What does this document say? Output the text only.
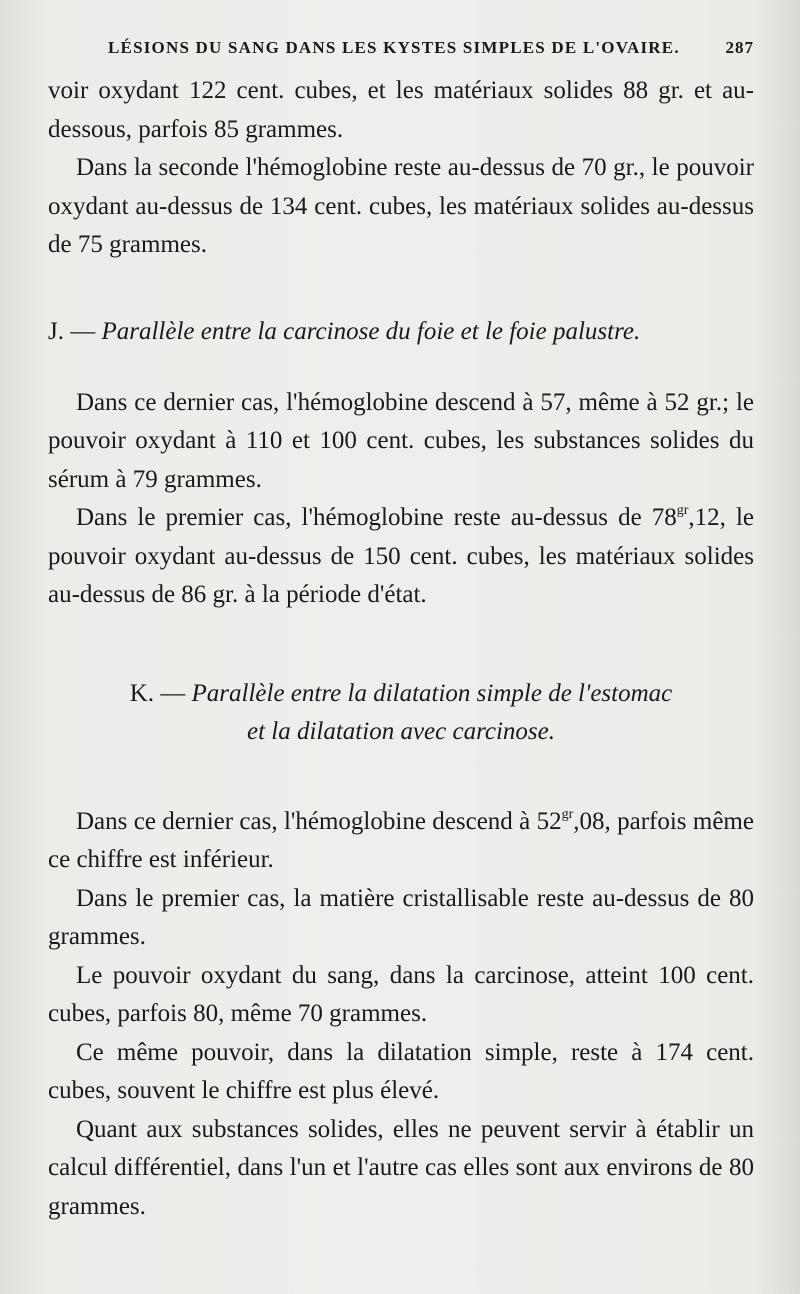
LÉSIONS DU SANG DANS LES KYSTES SIMPLES DE L'OVAIRE.	287

voir oxydant 122 cent. cubes, et les matériaux solides 88 gr. et au-dessous, parfois 85 grammes.

Dans la seconde l'hémoglobine reste au-dessus de 70 gr., le pouvoir oxydant au-dessus de 134 cent. cubes, les matériaux solides au-dessus de 75 grammes.

J. — Parallèle entre la carcinose du foie et le foie palustre.

Dans ce dernier cas, l'hémoglobine descend à 57, même à 52 gr.; le pouvoir oxydant à 110 et 100 cent. cubes, les substances solides du sérum à 79 grammes.

Dans le premier cas, l'hémoglobine reste au-dessus de $78^{gr},12$, le pouvoir oxydant au-dessus de 150 cent. cubes, les matériaux solides au-dessus de 86 gr. à la période d'état.

K. — Parallèle entre la dilatation simple de l'estomac
et la dilatation avec carcinose.

Dans ce dernier cas, l'hémoglobine descend à $52^{gr},08$, parfois même ce chiffre est inférieur.

Dans le premier cas, la matière cristallisable reste au-dessus de 80 grammes.

Le pouvoir oxydant du sang, dans la carcinose, atteint 100 cent. cubes, parfois 80, même 70 grammes.

Ce même pouvoir, dans la dilatation simple, reste à 174 cent. cubes, souvent le chiffre est plus élevé.

Quant aux substances solides, elles ne peuvent servir à établir un calcul différentiel, dans l'un et l'autre cas elles sont aux environs de 80 grammes.
